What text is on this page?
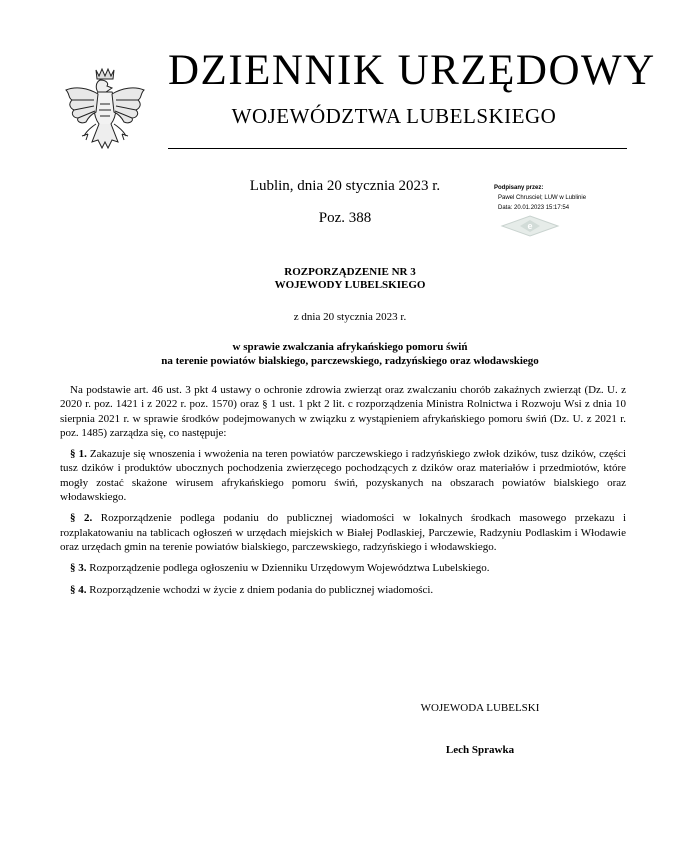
DZIENNIK URZĘDOWY
WOJEWÓDZTWA LUBELSKIEGO
Lublin, dnia 20 stycznia 2023 r.
Poz. 388
Podpisany przez:
Pawel Chrusciel; LUW w Lublinie
Data: 20.01.2023 15:17:54
e
ROZPORZĄDZENIE NR 3
WOJEWODY LUBELSKIEGO
z dnia 20 stycznia 2023 r.
w sprawie zwalczania afrykańskiego pomoru świń
na terenie powiatów bialskiego, parczewskiego, radzyńskiego oraz włodawskiego

Na podstawie art. 46 ust. 3 pkt 4 ustawy o ochronie zdrowia zwierząt oraz zwalczaniu chorób zakaźnych zwierząt (Dz. U. z 2020 r. poz. 1421 i z 2022 r. poz. 1570) oraz § 1 ust. 1 pkt 2 lit. c rozporządzenia Ministra Rolnictwa i Rozwoju Wsi z dnia 10 sierpnia 2021 r. w sprawie środków podejmowanych w związku z wystąpieniem afrykańskiego pomoru świń (Dz. U. z 2021 r. poz. 1485) zarządza się, co następuje:

§ 1. Zakazuje się wnoszenia i wwożenia na teren powiatów parczewskiego i radzyńskiego zwłok dzików, tusz dzików, części tusz dzików i produktów ubocznych pochodzenia zwierzęcego pochodzących z dzików oraz materiałów i przedmiotów, które mogły zostać skażone wirusem afrykańskiego pomoru świń, pozyskanych na obszarach powiatów bialskiego oraz włodawskiego.

§ 2. Rozporządzenie podlega podaniu do publicznej wiadomości w lokalnych środkach masowego przekazu i rozplakatowaniu na tablicach ogłoszeń w urzędach miejskich w Białej Podlaskiej, Parczewie, Radzyniu Podlaskim i Włodawie oraz urzędach gmin na terenie powiatów bialskiego, parczewskiego, radzyńskiego i włodawskiego.

§ 3. Rozporządzenie podlega ogłoszeniu w Dzienniku Urzędowym Województwa Lubelskiego.

§ 4. Rozporządzenie wchodzi w życie z dniem podania do publicznej wiadomości.

WOJEWODA LUBELSKI
Lech Sprawka
